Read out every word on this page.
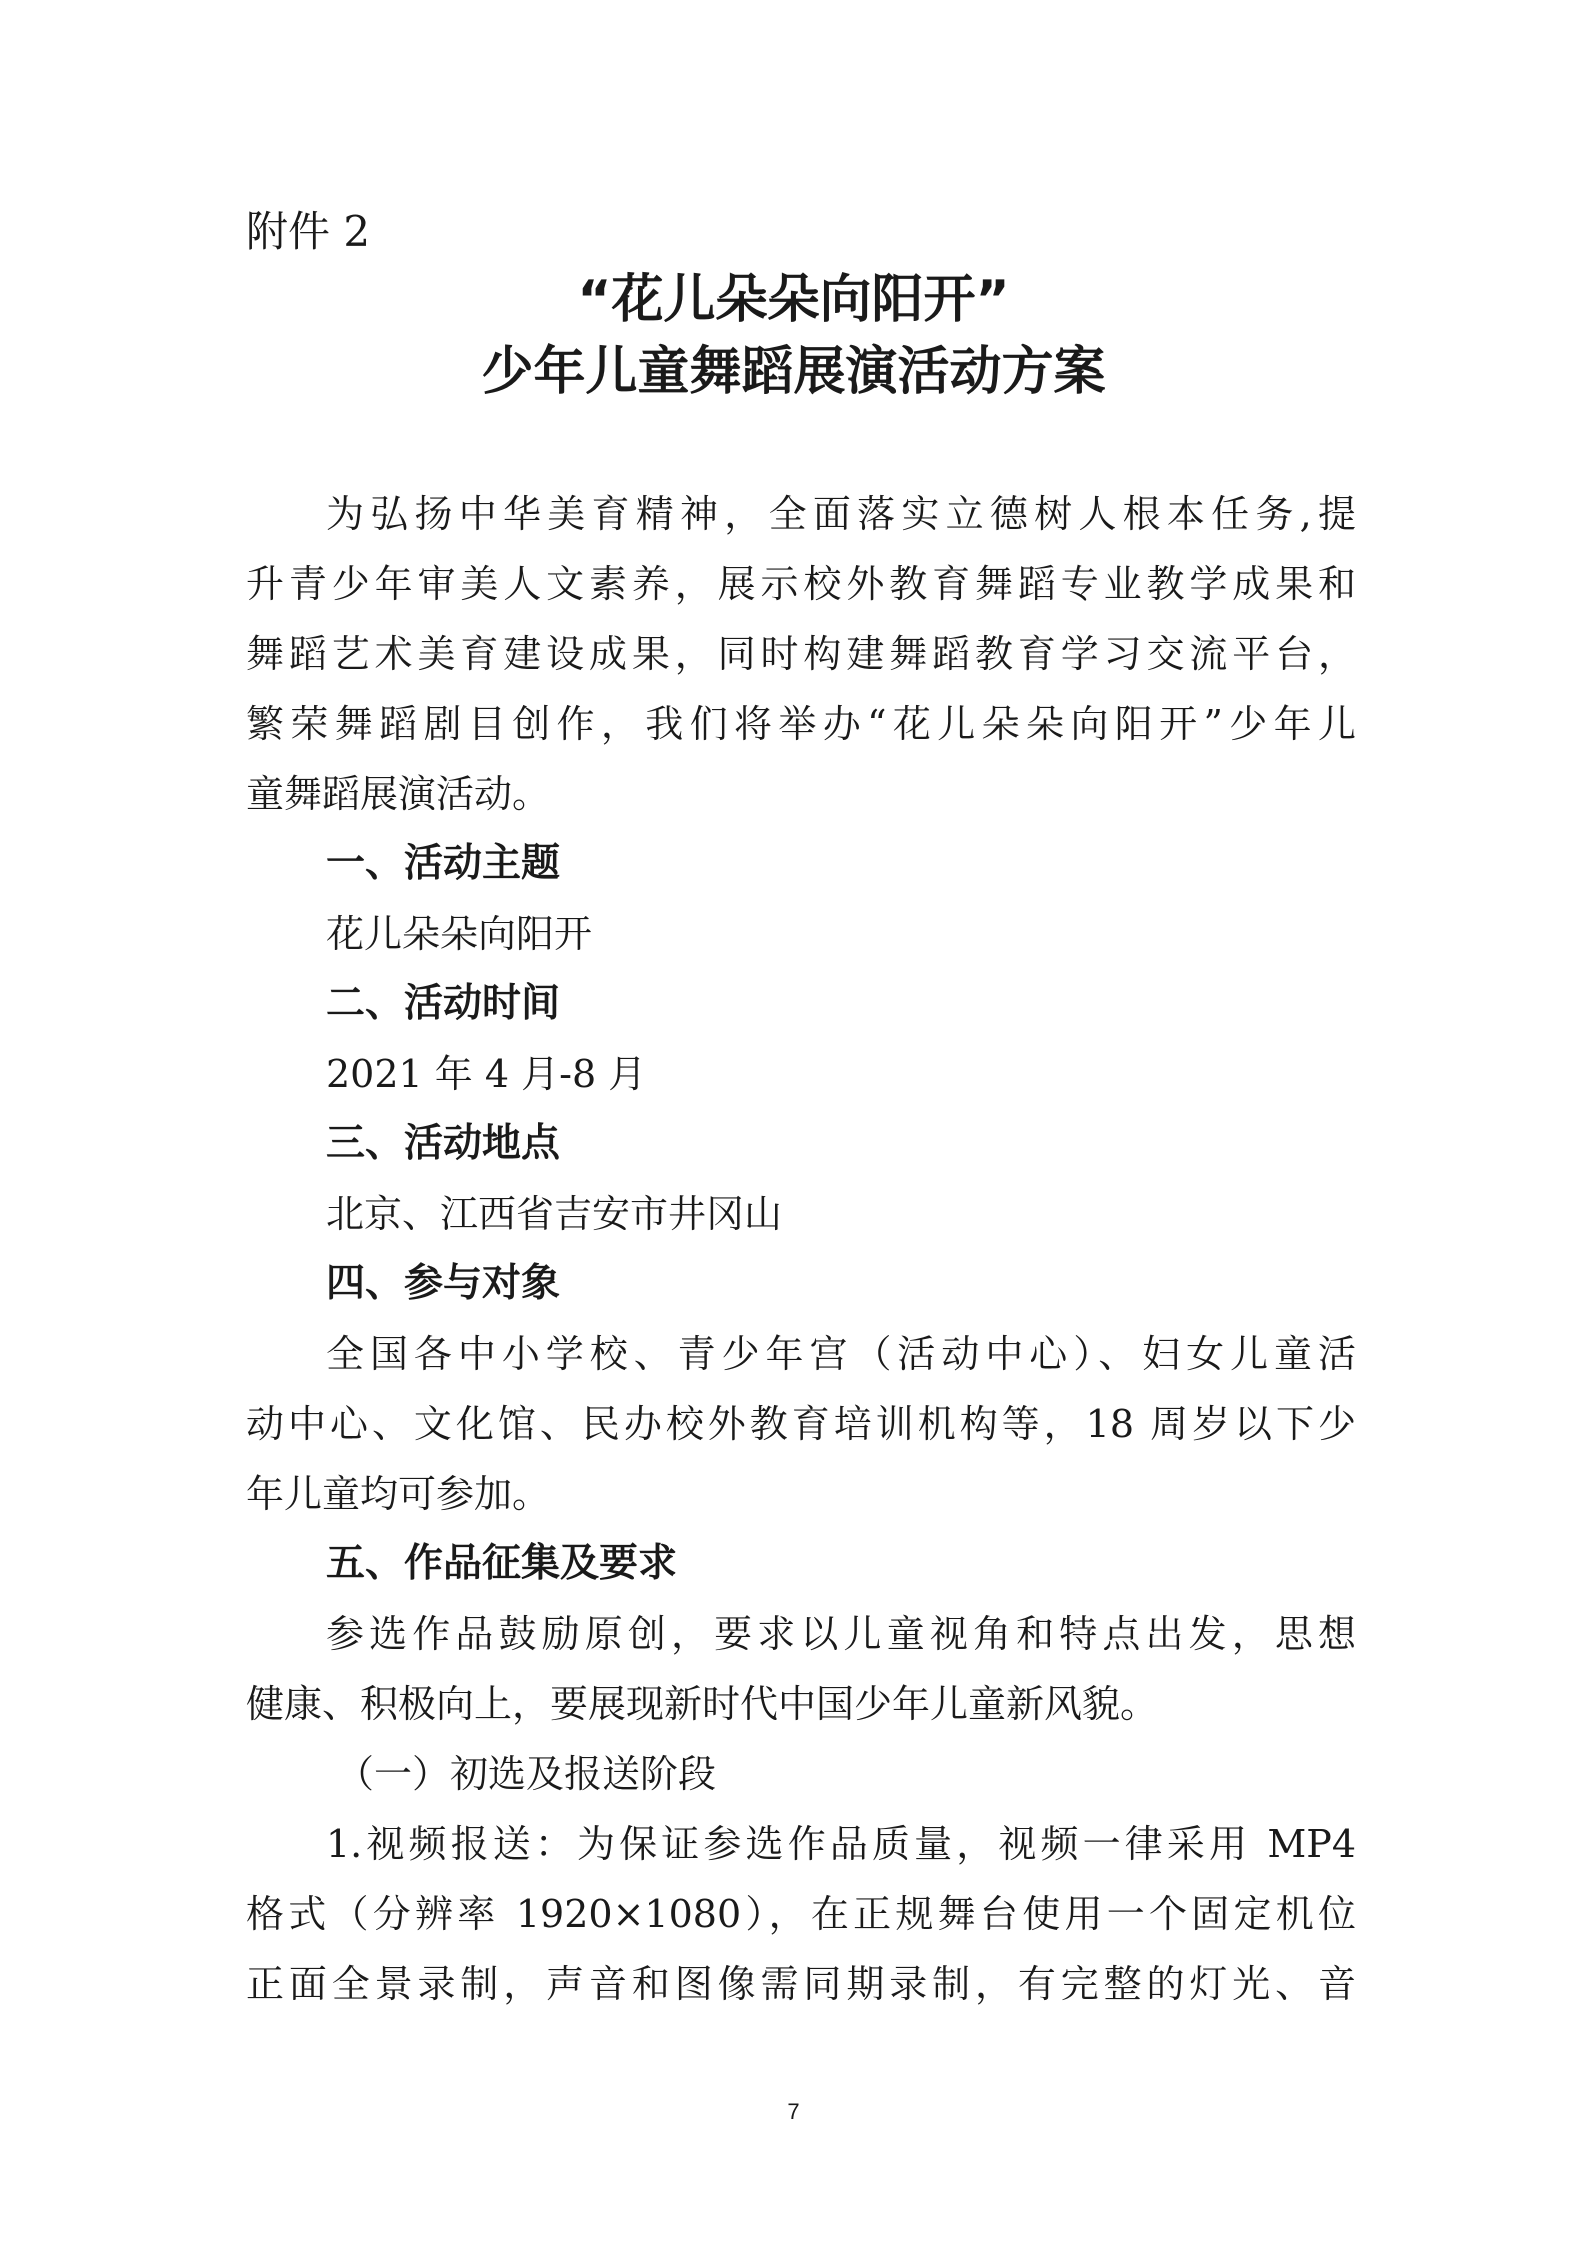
附件 2
“花儿朵朵向阳开”
少年儿童舞蹈展演活动方案
为弘扬中华美育精神，全面落实立德树人根本任务,提
升青少年审美人文素养，展示校外教育舞蹈专业教学成果和
舞蹈艺术美育建设成果，同时构建舞蹈教育学习交流平台，
繁荣舞蹈剧目创作，我们将举办“花儿朵朵向阳开”少年儿
童舞蹈展演活动。
一、活动主题
花儿朵朵向阳开
二、活动时间
2021 年 4 月-8 月
三、活动地点
北京、江西省吉安市井冈山
四、参与对象
全国各中小学校、青少年宫（活动中心）、妇女儿童活
动中心、文化馆、民办校外教育培训机构等，18 周岁以下少
年儿童均可参加。
五、作品征集及要求
参选作品鼓励原创，要求以儿童视角和特点出发，思想
健康、积极向上，要展现新时代中国少年儿童新风貌。
（一）初选及报送阶段
1.视频报送：为保证参选作品质量，视频一律采用 MP4
格式（分辨率 1920×1080），在正规舞台使用一个固定机位
正面全景录制，声音和图像需同期录制，有完整的灯光、音
7
